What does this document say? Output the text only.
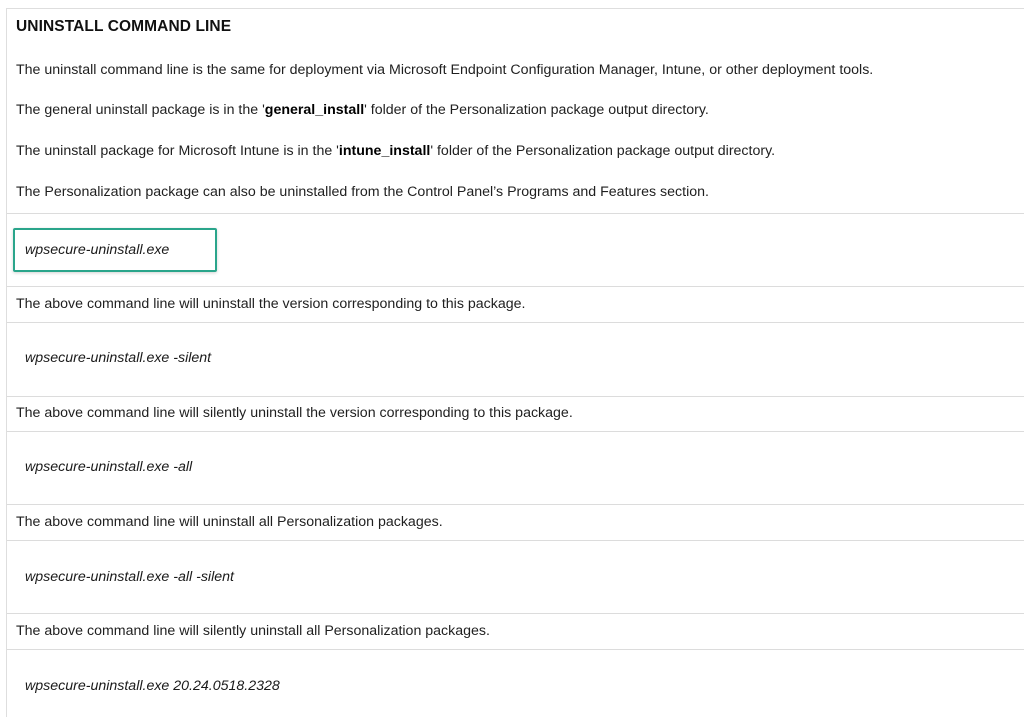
UNINSTALL COMMAND LINE
The uninstall command line is the same for deployment via Microsoft Endpoint Configuration Manager, Intune, or other deployment tools.
The general uninstall package is in the 'general_install' folder of the Personalization package output directory.
The uninstall package for Microsoft Intune is in the 'intune_install' folder of the Personalization package output directory.
The Personalization package can also be uninstalled from the Control Panel’s Programs and Features section.
wpsecure-uninstall.exe
The above command line will uninstall the version corresponding to this package.
wpsecure-uninstall.exe -silent
The above command line will silently uninstall the version corresponding to this package.
wpsecure-uninstall.exe -all
The above command line will uninstall all Personalization packages.
wpsecure-uninstall.exe -all -silent
The above command line will silently uninstall all Personalization packages.
wpsecure-uninstall.exe 20.24.0518.2328
